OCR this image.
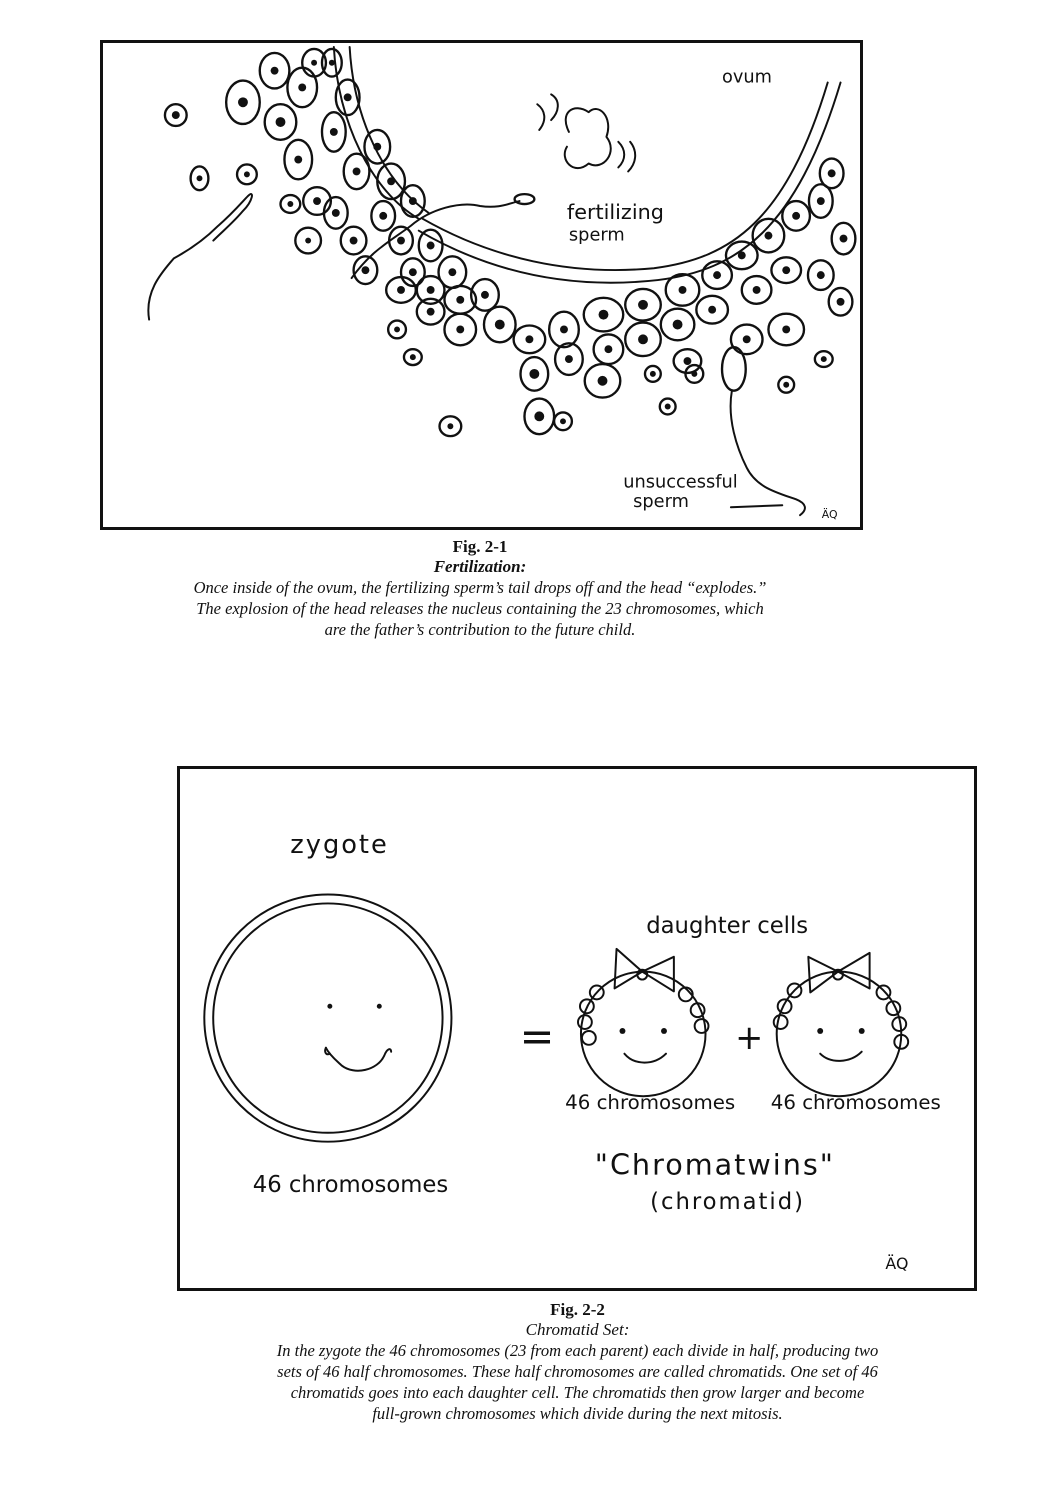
ovum
fertilizing
sperm
unsuccessful
sperm
ÄQ
Fig. 2-1
Fertilization:
Once inside of the ovum, the fertilizing sperm’s tail drops off and the head “explodes.”
The explosion of the head releases the nucleus containing the 23 chromosomes, which
are the father’s contribution to the future child.
=	+
zygote
46 chromosomes
daughter cells
46 chromosomes 46 chromosomes
"Chromatwins"
(chromatid)
ÄQ
Fig. 2-2
Chromatid Set:
In the zygote the 46 chromosomes (23 from each parent) each divide in half, producing two
sets of 46 half chromosomes. These half chromosomes are called chromatids. One set of 46
chromatids goes into each daughter cell. The chromatids then grow larger and become
full-grown chromosomes which divide during the next mitosis.
